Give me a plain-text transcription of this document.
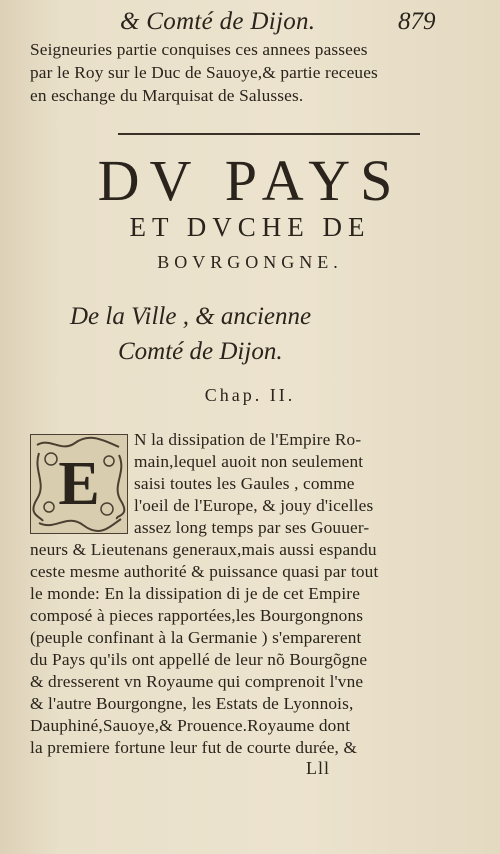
& Comté de Dijon.	879
Seigneuries partie conquises ces annees passees
par le Roy sur le Duc de Sauoye,& partie receues
en eschange du Marquisat de Salusses.
DV PAYS
ET DVCHE DE
BOVRGONGNE.
De la Ville , & ancienne
Comté de Dijon.
Chap. II.
E
N la dissipation de l'Empire Ro-
main,lequel auoit non seulement
saisi toutes les Gaules , comme
l'oeil de l'Europe, & jouy d'icelles
assez long temps par ses Gouuer-
neurs & Lieutenans generaux,mais aussi espandu
ceste mesme authorité & puissance quasi par tout
le monde: En la dissipation di je de cet Empire
composé à pieces rapportées,les Bourgongnons
(peuple confinant à la Germanie ) s'emparerent
du Pays qu'ils ont appellé de leur nõ Bourgõgne
& dresserent vn Royaume qui comprenoit l'vne
& l'autre Bourgongne, les Estats de Lyonnois,
Dauphiné,Sauoye,& Prouence.Royaume dont
la premiere fortune leur fut de courte durée, &
Lll
